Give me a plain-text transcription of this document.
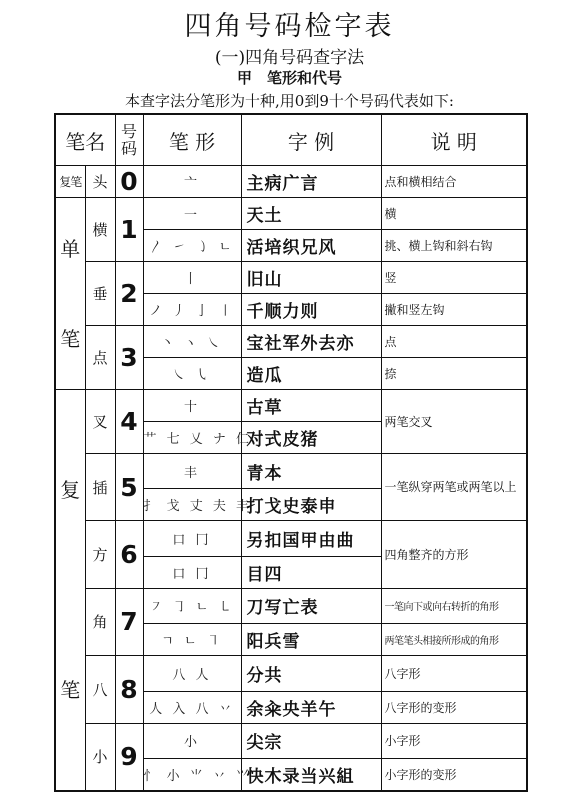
四角号码检字表
(一)四角号码查字法
甲　笔形和代号
本查字法分笔形为十种,用0到9十个号码代表如下:
笔名		号码	笔 形	字 例	说 明
复笔	头	0	亠	主病广言	点和横相结合

单笔	横	1	一	天土	横
			〳 ㇀ ㇁ ㄴ	活培织兄风	挑、横上钩和斜右钩
	垂	2	丨	旧山	竖
			ノ 丿 亅 〡	千顺力则	撇和竖左钩
	点	3	丶 ヽ ㇏	宝社军外去亦	点
			㇏ ㇂	造瓜	捺

复笔	叉	4	十	古草	两笔交叉
			艹 七 乂 ナ 仁	对式皮猪	
	插	5	丰	青本	一笔纵穿两笔或两笔以上
			扌 戈 丈 夫 丰	打戈史泰申	
	方	6	口 冂	另扣国甲由曲	四角整齐的方形
			口 冂	目四	
	角	7	㇇ ㇆ ㄴ ㇄	刀写亡表	一笔向下或向右转折的角形
			ㄱ ㄴ ㇕	阳兵雪	两笔笔头相接所形成的角形
	八	8	八 人	分共	八字形
			人 入 八 丷	余籴央羊午	八字形的变形
	小	9	小	尖宗	小字形
			忄 小 ⺌ 丷 ⺍	快木录当兴組	小字形的变形
